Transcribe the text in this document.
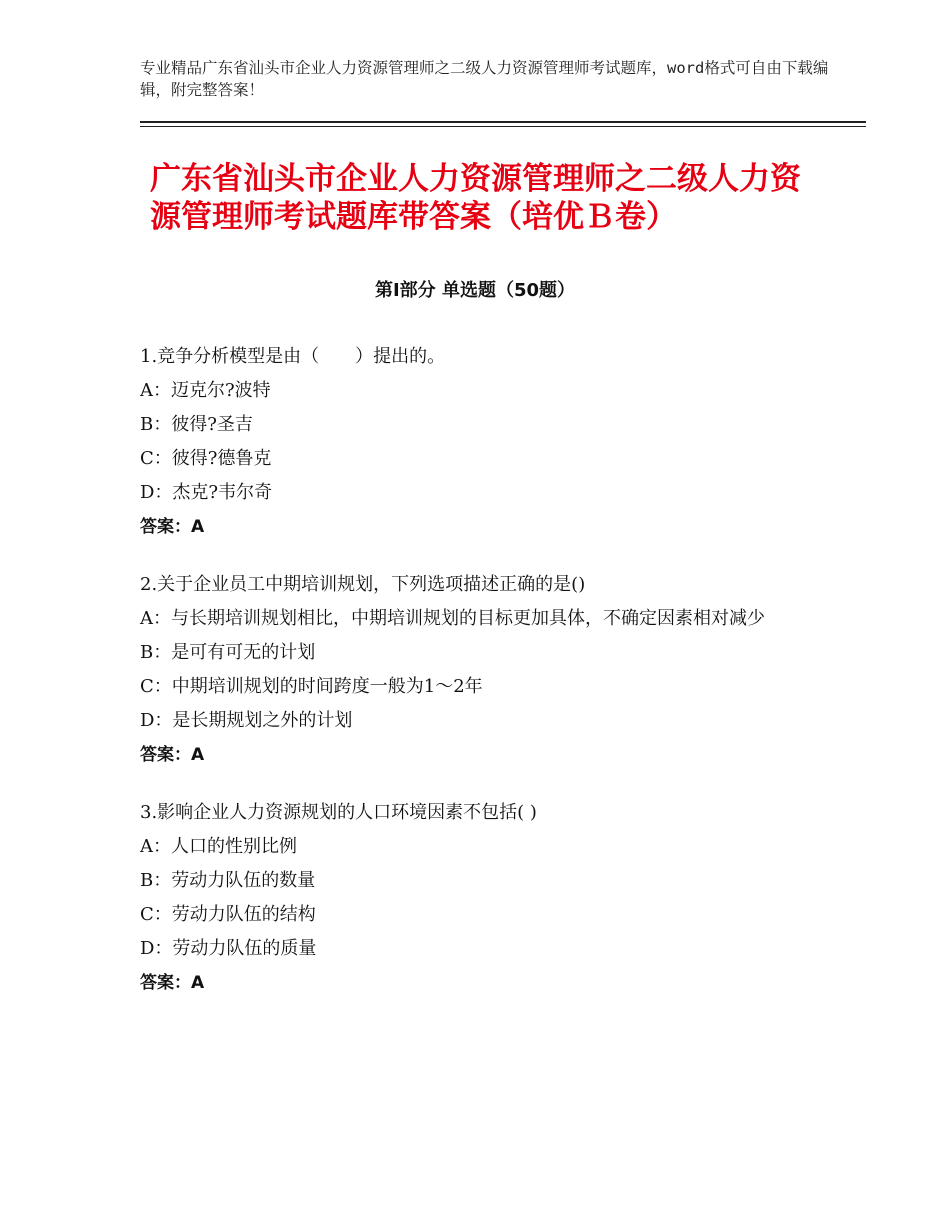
专业精品广东省汕头市企业人力资源管理师之二级人力资源管理师考试题库，word格式可自由下载编辑，附完整答案！
广东省汕头市企业人力资源管理师之二级人力资源管理师考试题库带答案（培优Ｂ卷）
第Ⅰ部分 单选题（50题）
1.竞争分析模型是由（　　）提出的。
A：迈克尔?波特
B：彼得?圣吉
C：彼得?德鲁克
D：杰克?韦尔奇
答案：A
2.关于企业员工中期培训规划，下列选项描述正确的是()
A：与长期培训规划相比，中期培训规划的目标更加具体，不确定因素相对减少
B：是可有可无的计划
C：中期培训规划的时间跨度一般为1～2年
D：是长期规划之外的计划
答案：A
3.影响企业人力资源规划的人口环境因素不包括( )
A：人口的性别比例
B：劳动力队伍的数量
C：劳动力队伍的结构
D：劳动力队伍的质量
答案：A
